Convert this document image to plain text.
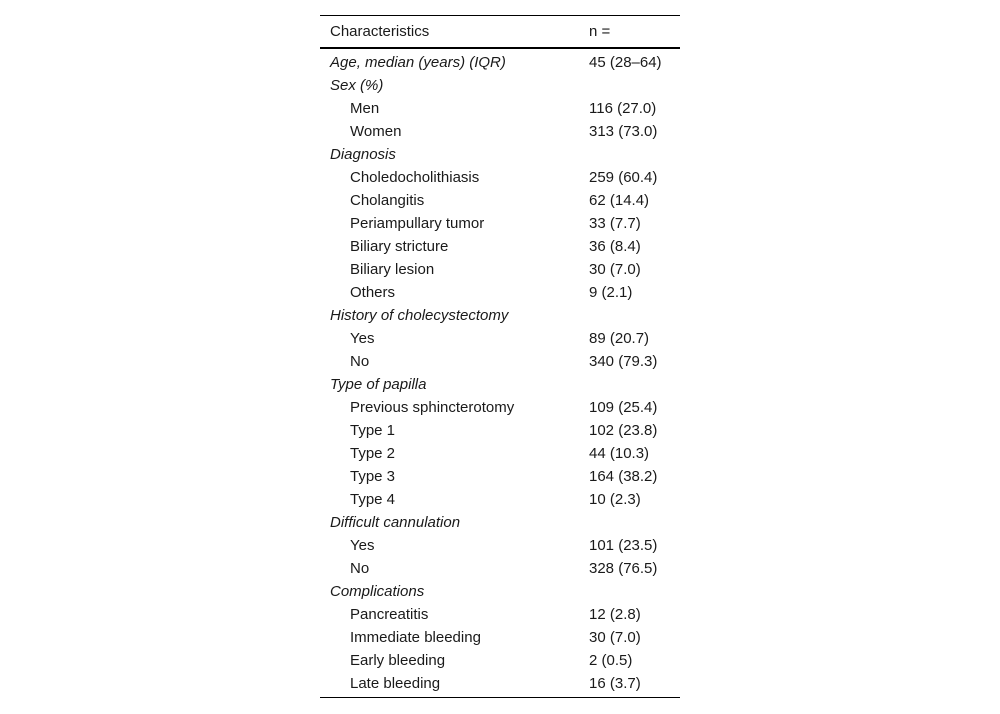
Characteristics	n =
Age, median (years) (IQR)	45 (28–64)
Sex (%)	
Men	116 (27.0)
Women	313 (73.0)
Diagnosis	
Choledocholithiasis	259 (60.4)
Cholangitis	62 (14.4)
Periampullary tumor	33 (7.7)
Biliary stricture	36 (8.4)
Biliary lesion	30 (7.0)
Others	9 (2.1)
History of cholecystectomy	
Yes	89 (20.7)
No	340 (79.3)
Type of papilla	
Previous sphincterotomy	109 (25.4)
Type 1	102 (23.8)
Type 2	44 (10.3)
Type 3	164 (38.2)
Type 4	10 (2.3)
Difficult cannulation	
Yes	101 (23.5)
No	328 (76.5)
Complications	
Pancreatitis	12 (2.8)
Immediate bleeding	30 (7.0)
Early bleeding	2 (0.5)
Late bleeding	16 (3.7)
